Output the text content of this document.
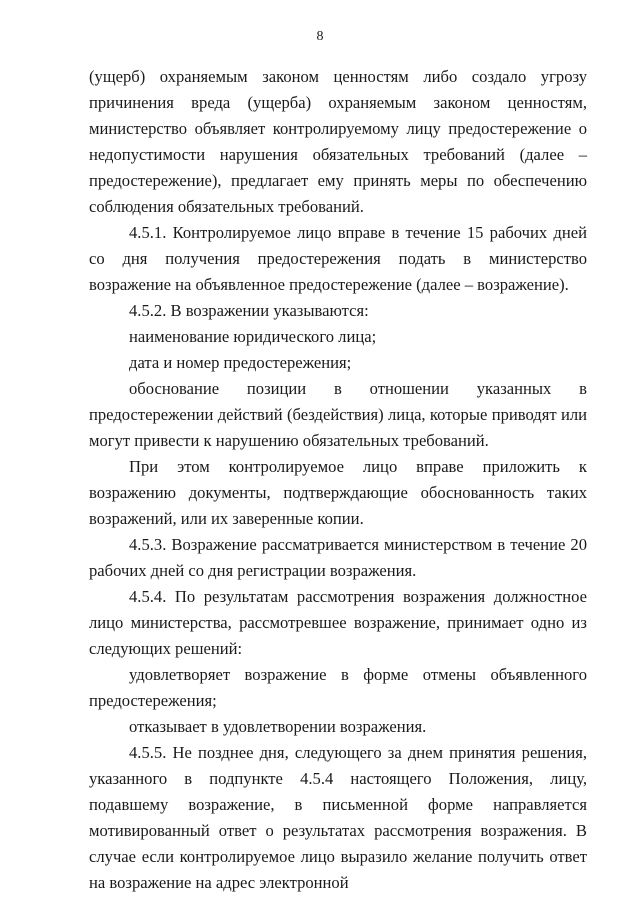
8

(ущерб) охраняемым законом ценностям либо создало угрозу причинения вреда (ущерба) охраняемым законом ценностям, министерство объявляет контролируемому лицу предостережение о недопустимости нарушения обязательных требований (далее – предостережение), предлагает ему принять меры по обеспечению соблюдения обязательных требований.

4.5.1. Контролируемое лицо вправе в течение 15 рабочих дней со дня получения предостережения подать в министерство возражение на объявленное предостережение (далее – возражение).

4.5.2. В возражении указываются:

наименование юридического лица;

дата и номер предостережения;

обоснование позиции в отношении указанных в предостережении действий (бездействия) лица, которые приводят или могут привести к нарушению обязательных требований.

При этом контролируемое лицо вправе приложить к возражению документы, подтверждающие обоснованность таких возражений, или их заверенные копии.

4.5.3. Возражение рассматривается министерством в течение 20 рабочих дней со дня регистрации возражения.

4.5.4. По результатам рассмотрения возражения должностное лицо министерства, рассмотревшее возражение, принимает одно из следующих решений:

удовлетворяет возражение в форме отмены объявленного предостережения;

отказывает в удовлетворении возражения.

4.5.5. Не позднее дня, следующего за днем принятия решения, указанного в подпункте 4.5.4 настоящего Положения, лицу, подавшему возражение, в письменной форме направляется мотивированный ответ о результатах рассмотрения возражения. В случае если контролируемое лицо выразило желание получить ответ на возражение на адрес электронной
